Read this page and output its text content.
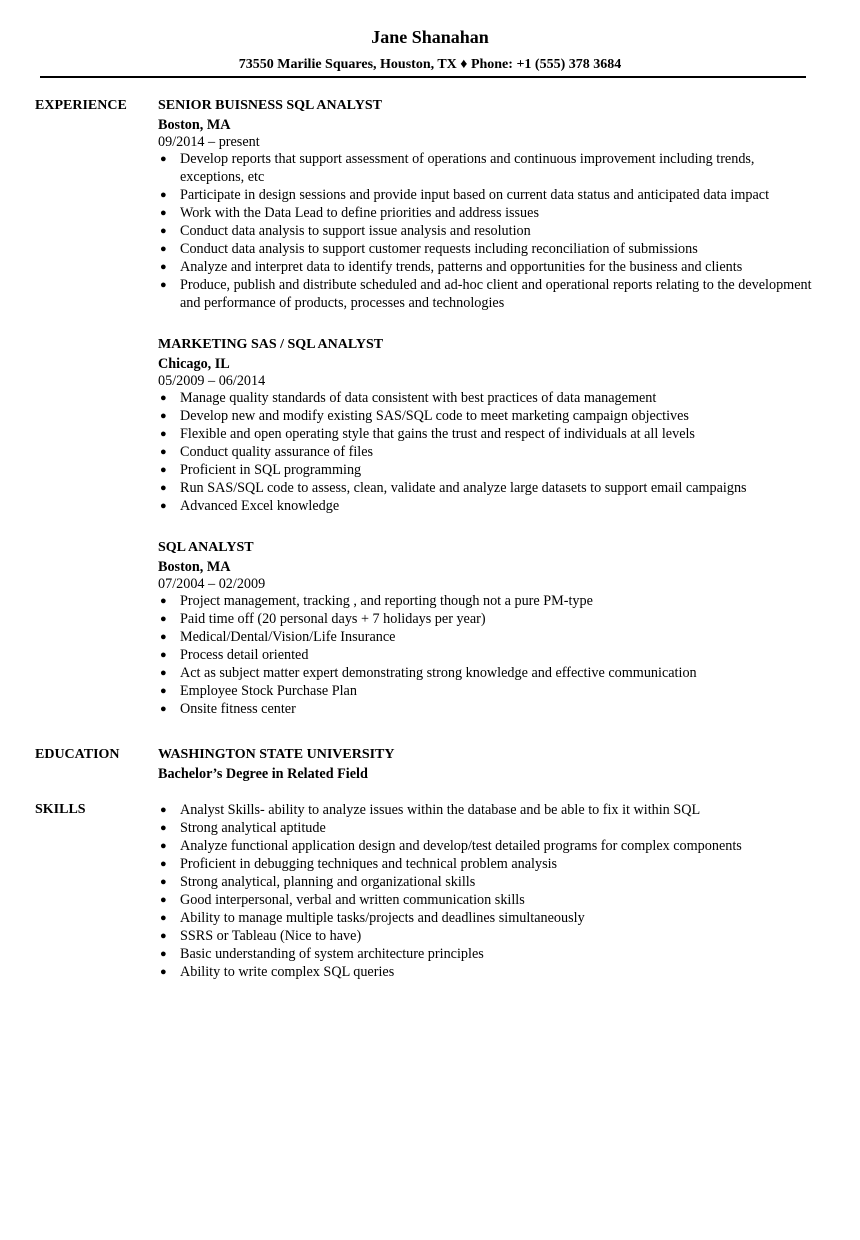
Jane Shanahan
73550 Marilie Squares, Houston, TX ♦ Phone: +1 (555) 378 3684
EXPERIENCE	SENIOR BUISNESS SQL ANALYST
Boston, MA
09/2014 – present
● Develop reports that support assessment of operations and continuous improvement including trends, exceptions, etc
● Participate in design sessions and provide input based on current data status and anticipated data impact
● Work with the Data Lead to define priorities and address issues
● Conduct data analysis to support issue analysis and resolution
● Conduct data analysis to support customer requests including reconciliation of submissions
● Analyze and interpret data to identify trends, patterns and opportunities for the business and clients
● Produce, publish and distribute scheduled and ad-hoc client and operational reports relating to the development and performance of products, processes and technologies
MARKETING SAS / SQL ANALYST
Chicago, IL
05/2009 – 06/2014
● Manage quality standards of data consistent with best practices of data management
● Develop new and modify existing SAS/SQL code to meet marketing campaign objectives
● Flexible and open operating style that gains the trust and respect of individuals at all levels
● Conduct quality assurance of files
● Proficient in SQL programming
● Run SAS/SQL code to assess, clean, validate and analyze large datasets to support email campaigns
● Advanced Excel knowledge
SQL ANALYST
Boston, MA
07/2004 – 02/2009
● Project management, tracking , and reporting though not a pure PM-type
● Paid time off (20 personal days + 7 holidays per year)
● Medical/Dental/Vision/Life Insurance
● Process detail oriented
● Act as subject matter expert demonstrating strong knowledge and effective communication
● Employee Stock Purchase Plan
● Onsite fitness center
EDUCATION	WASHINGTON STATE UNIVERSITY
Bachelor’s Degree in Related Field
SKILLS	● Analyst Skills- ability to analyze issues within the database and be able to fix it within SQL
● Strong analytical aptitude
● Analyze functional application design and develop/test detailed programs for complex components
● Proficient in debugging techniques and technical problem analysis
● Strong analytical, planning and organizational skills
● Good interpersonal, verbal and written communication skills
● Ability to manage multiple tasks/projects and deadlines simultaneously
● SSRS or Tableau (Nice to have)
● Basic understanding of system architecture principles
● Ability to write complex SQL queries
